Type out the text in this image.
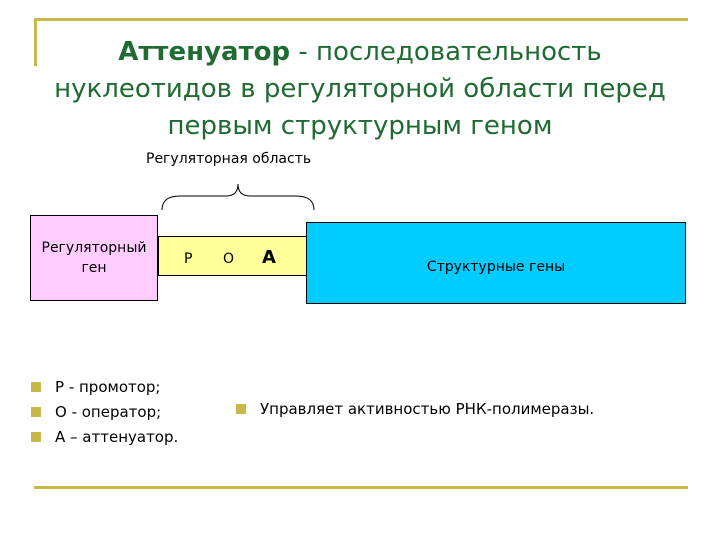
Аттенуатор - последовательность нуклеотидов в регуляторной области перед первым структурным геном
Регуляторная область
Регуляторный ген
Р О А	Структурные гены
Р - промотор;
О - оператор;
А – аттенуатор.
Управляет активностью РНК-полимеразы.
